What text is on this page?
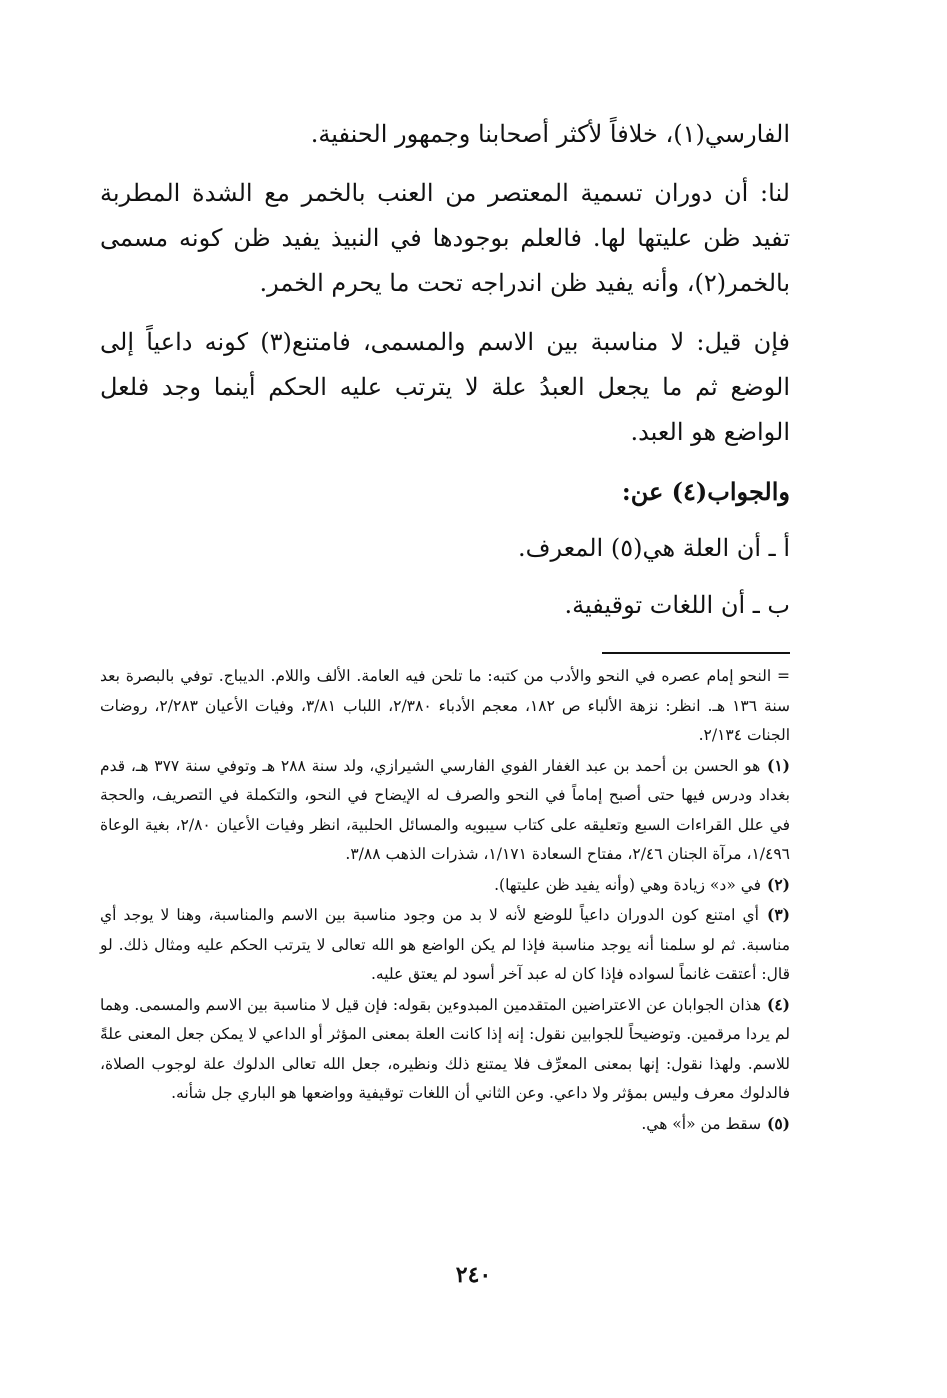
الفارسي(١)، خلافاً لأكثر أصحابنا وجمهور الحنفية.

لنا: أن دوران تسمية المعتصر من العنب بالخمر مع الشدة المطربة تفيد ظن عليتها لها. فالعلم بوجودها في النبيذ يفيد ظن كونه مسمى بالخمر(٢)، وأنه يفيد ظن اندراجه تحت ما يحرم الخمر.

فإن قيل: لا مناسبة بين الاسم والمسمى، فامتنع(٣) كونه داعياً إلى الوضع ثم ما يجعل العبدُ علة لا يترتب عليه الحكم أينما وجد فلعل الواضع هو العبد.

والجواب(٤) عن:

أ ـ أن العلة هي(٥) المعرف.
ب ـ أن اللغات توقيفية.

= النحو إمام عصره في النحو والأدب من كتبه: ما تلحن فيه العامة. الألف واللام. الديباج. توفي بالبصرة بعد سنة ١٣٦ هـ. انظر: نزهة الألباء ص ١٨٢، معجم الأدباء ٢/٣٨٠، اللباب ٣/٨١، وفيات الأعيان ٢/٢٨٣، روضات الجنات ٢/١٣٤.

(١) هو الحسن بن أحمد بن عبد الغفار الفوي الفارسي الشيرازي، ولد سنة ٢٨٨ هـ وتوفي سنة ٣٧٧ هـ، قدم بغداد ودرس فيها حتى أصبح إماماً في النحو والصرف له الإيضاح في النحو، والتكملة في التصريف، والحجة في علل القراءات السبع وتعليقه على كتاب سيبويه والمسائل الحلبية، انظر وفيات الأعيان ٢/٨٠، بغية الوعاة ١/٤٩٦، مرآة الجنان ٢/٤٦، مفتاح السعادة ١/١٧١، شذرات الذهب ٣/٨٨.

(٢) في «د» زيادة وهي (وأنه يفيد ظن عليتها).

(٣) أي امتنع كون الدوران داعياً للوضع لأنه لا بد من وجود مناسبة بين الاسم والمناسبة، وهنا لا يوجد أي مناسبة. ثم لو سلمنا أنه يوجد مناسبة فإذا لم يكن الواضع هو الله تعالى لا يترتب الحكم عليه ومثال ذلك. لو قال: أعتقت غانماً لسواده فإذا كان له عبد آخر أسود لم يعتق عليه.

(٤) هذان الجوابان عن الاعتراضين المتقدمين المبدوءين بقوله: فإن قيل لا مناسبة بين الاسم والمسمى. وهما لم يردا مرقمين. وتوضيحاً للجوابين نقول: إنه إذا كانت العلة بمعنى المؤثر أو الداعي لا يمكن جعل المعنى علةً للاسم. ولهذا نقول: إنها بمعنى المعرِّف فلا يمتنع ذلك ونظيره، جعل الله تعالى الدلوك علة لوجوب الصلاة، فالدلوك معرف وليس بمؤثر ولا داعي. وعن الثاني أن اللغات توقيفية وواضعها هو الباري جل شأنه.

(٥) سقط من «أ» هي.

٢٤٠
